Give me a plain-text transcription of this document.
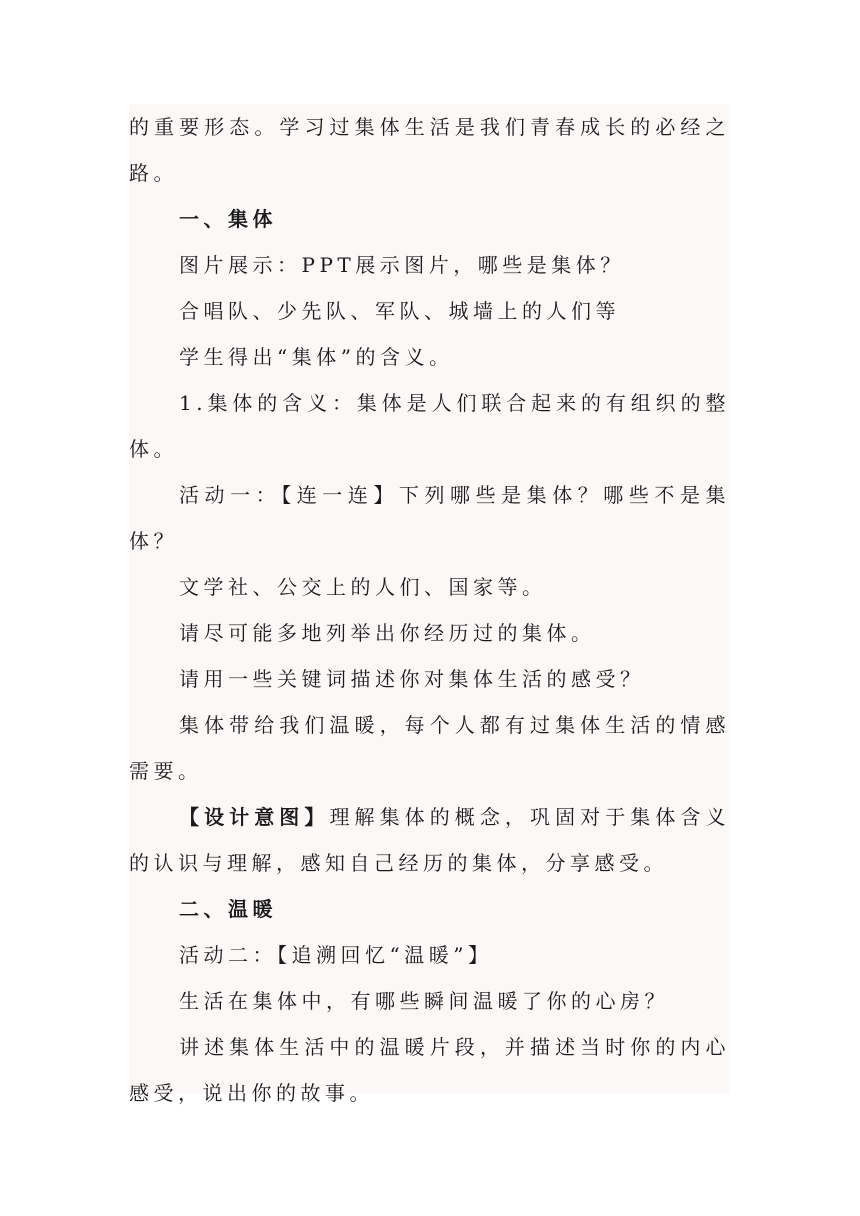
的重要形态。学习过集体生活是我们青春成长的必经之路。

一、集体

图片展示：PPT展示图片，哪些是集体？

合唱队、少先队、军队、城墙上的人们等

学生得出“集体”的含义。

1.集体的含义：集体是人们联合起来的有组织的整体。

活动一：【连一连】下列哪些是集体？哪些不是集体？

文学社、公交上的人们、国家等。

请尽可能多地列举出你经历过的集体。

请用一些关键词描述你对集体生活的感受？

集体带给我们温暖，每个人都有过集体生活的情感需要。

【设计意图】理解集体的概念，巩固对于集体含义的认识与理解，感知自己经历的集体，分享感受。

二、温暖

活动二：【追溯回忆“温暖”】

生活在集体中，有哪些瞬间温暖了你的心房？

讲述集体生活中的温暖片段，并描述当时你的内心感受，说出你的故事。
